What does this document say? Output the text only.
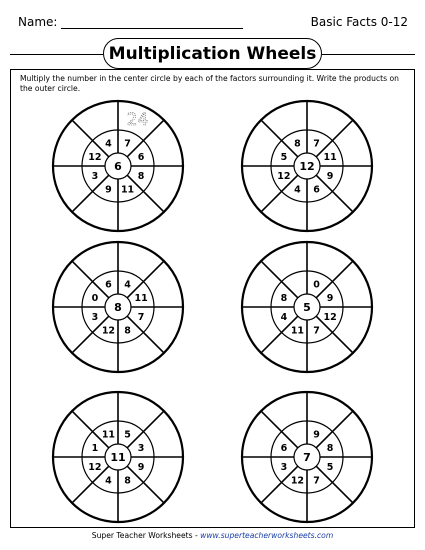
Name:	Basic Facts 0-12
Multiplication Wheels

Multiply the number in the center circle by each of the factors surrounding it. Write the products on the outer circle.

6
7
6
8
11
9
3
12
4
24
12
7
11
9
6
4
12
5
8
8
4
11
7
8
12
3
0
6
5
0
9
12
7
11
4
8
11
5
3
9
8
4
12
1
11
7
9
8
5
7
12
3
6
Super Teacher Worksheets - www.superteacherworksheets.com
